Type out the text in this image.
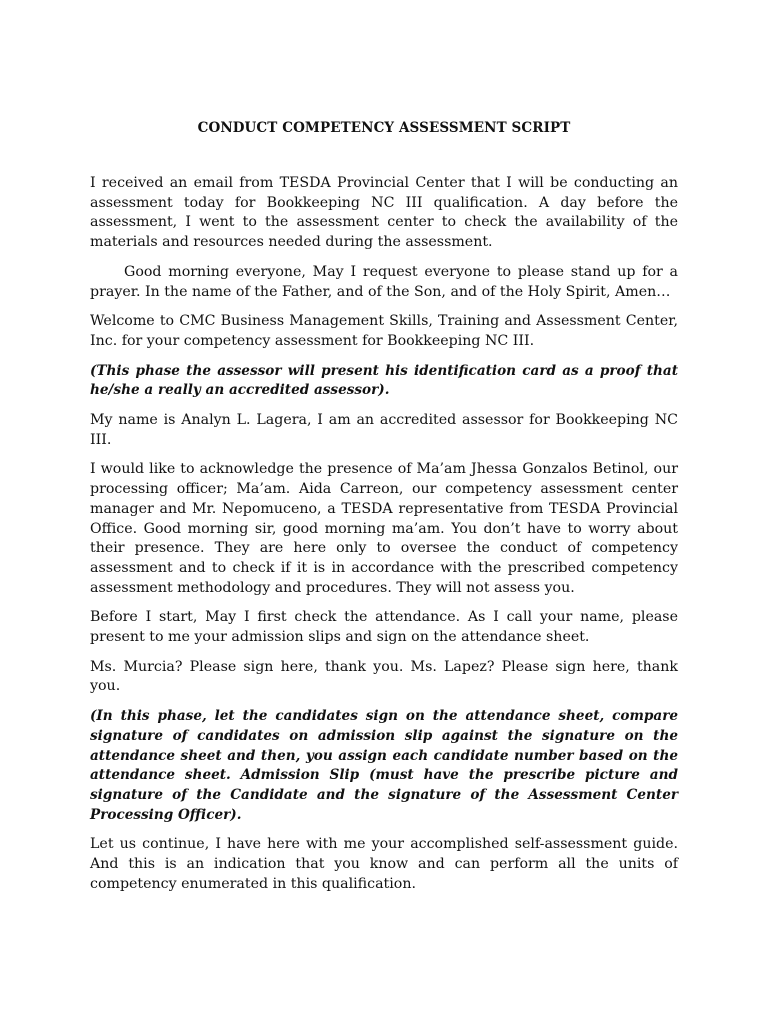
CONDUCT COMPETENCY ASSESSMENT SCRIPT

I received an email from TESDA Provincial Center that I will be conducting an assessment today for Bookkeeping NC III qualification. A day before the assessment, I went to the assessment center to check the availability of the materials and resources needed during the assessment.

Good morning everyone, May I request everyone to please stand up for a prayer. In the name of the Father, and of the Son, and of the Holy Spirit, Amen…

Welcome to CMC Business Management Skills, Training and Assessment Center, Inc. for your competency assessment for Bookkeeping NC III.

(This phase the assessor will present his identification card as a proof that he/she a really an accredited assessor).

My name is Analyn L. Lagera, I am an accredited assessor for Bookkeeping NC III.

I would like to acknowledge the presence of Ma’am Jhessa Gonzalos Betinol, our processing officer; Ma’am. Aida Carreon, our competency assessment center manager and Mr. Nepomuceno, a TESDA representative from TESDA Provincial Office. Good morning sir, good morning ma’am. You don’t have to worry about their presence. They are here only to oversee the conduct of competency assessment and to check if it is in accordance with the prescribed competency assessment methodology and procedures. They will not assess you.

Before I start, May I first check the attendance. As I call your name, please present to me your admission slips and sign on the attendance sheet.

Ms. Murcia? Please sign here, thank you. Ms. Lapez? Please sign here, thank you.

(In this phase, let the candidates sign on the attendance sheet, compare signature of candidates on admission slip against the signature on the attendance sheet and then, you assign each candidate number based on the attendance sheet. Admission Slip (must have the prescribe picture and signature of the Candidate and the signature of the Assessment Center Processing Officer).

Let us continue, I have here with me your accomplished self-assessment guide. And this is an indication that you know and can perform all the units of competency enumerated in this qualification.
